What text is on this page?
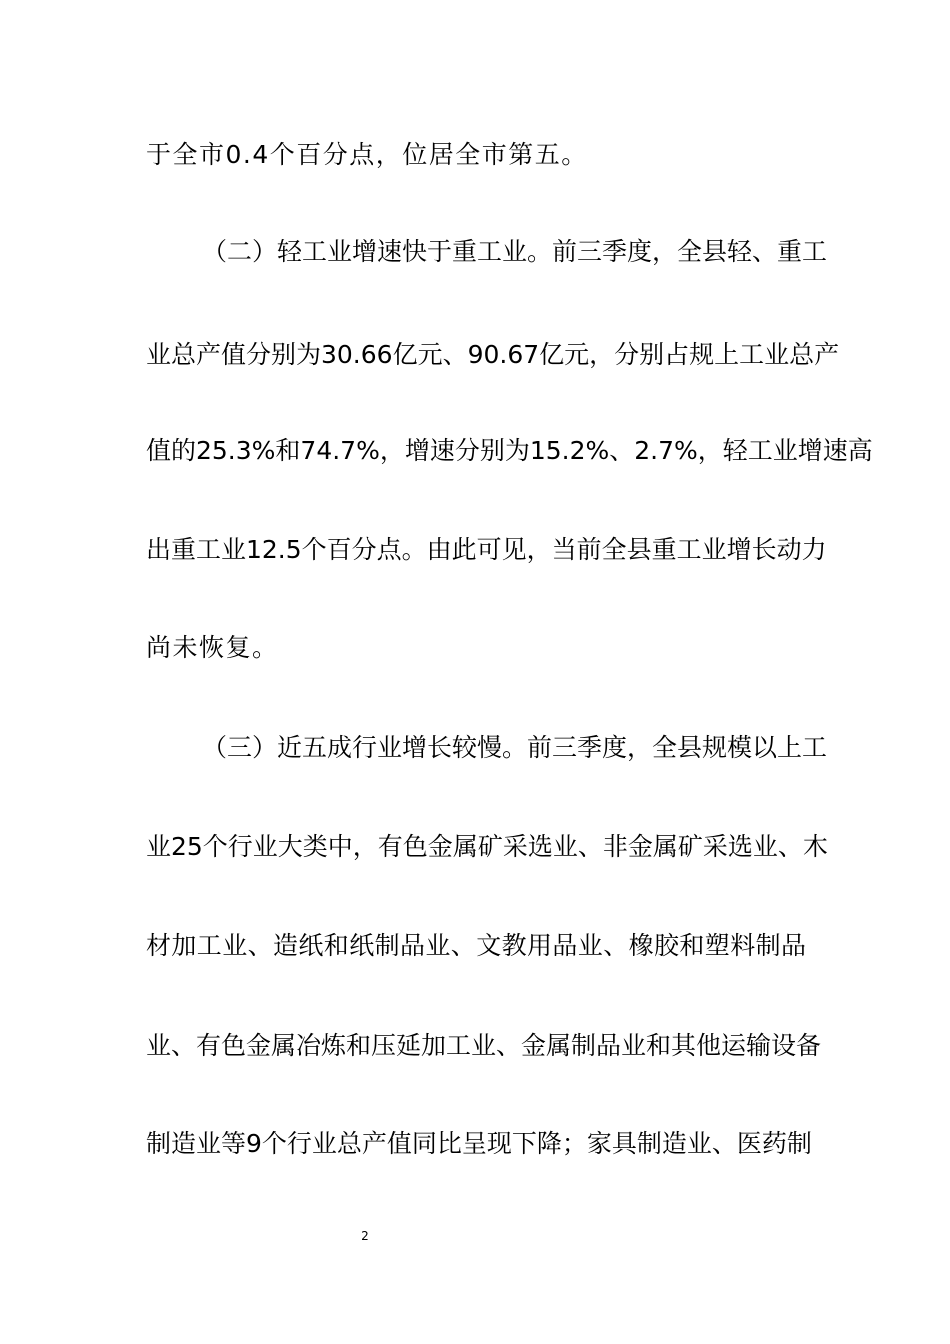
于全市0.4个百分点，位居全市第五。
（二）轻工业增速快于重工业。前三季度，全县轻、重工
业总产值分别为30.66亿元、90.67亿元，分别占规上工业总产
值的25.3%和74.7%，增速分别为15.2%、2.7%，轻工业增速高
出重工业12.5个百分点。由此可见，当前全县重工业增长动力
尚未恢复。
（三）近五成行业增长较慢。前三季度，全县规模以上工
业25个行业大类中，有色金属矿采选业、非金属矿采选业、木
材加工业、造纸和纸制品业、文教用品业、橡胶和塑料制品
业、有色金属冶炼和压延加工业、金属制品业和其他运输设备
制造业等9个行业总产值同比呈现下降；家具制造业、医药制
2
